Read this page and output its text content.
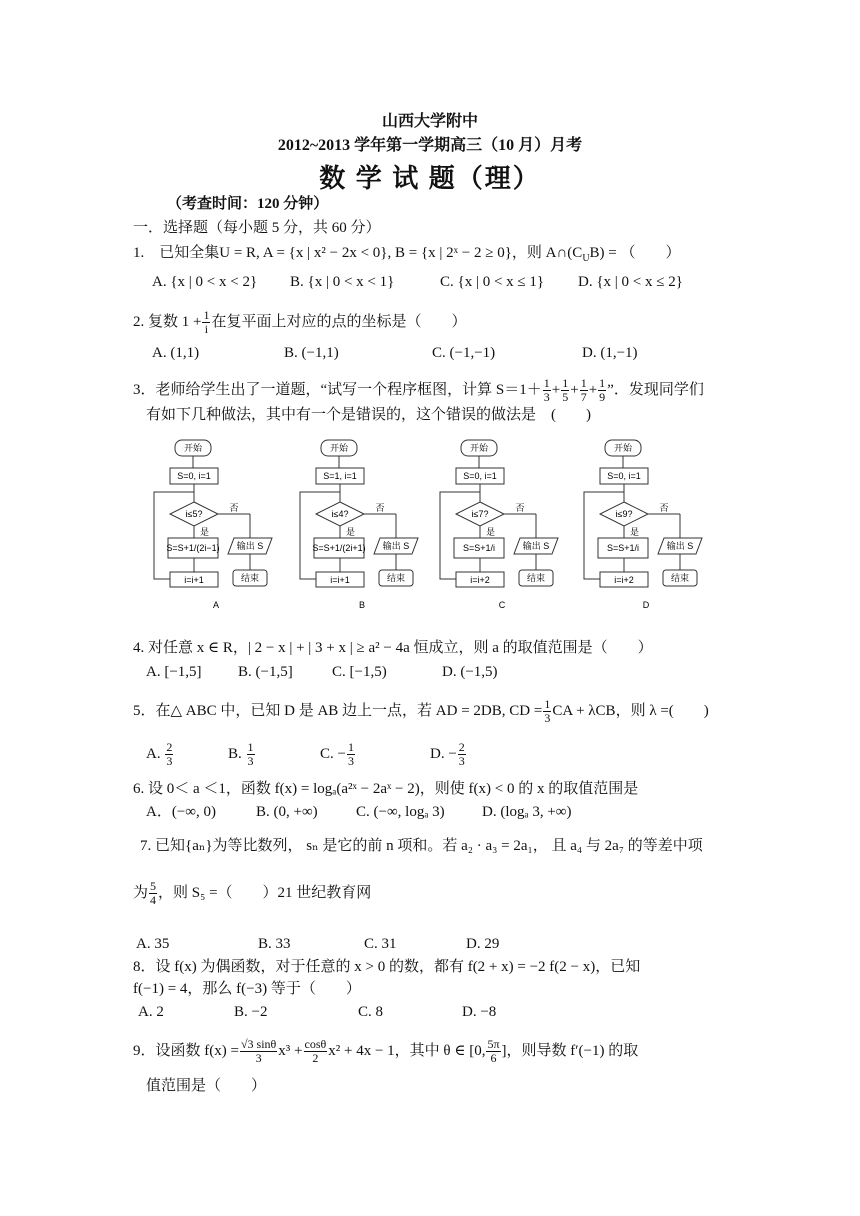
山西大学附中
2012~2013 学年第一学期高三（10 月）月考
数 学 试 题（理）
（考查时间：120 分钟）
一．选择题（每小题 5 分，共 60 分）
1.　已知全集U = R, A = {x | x² − 2x < 0}, B = {x | 2ˣ − 2 ≥ 0}，则 $A\cap(C_UB)$ = （　　）
A. {x | 0 < x < 2} B. {x | 0 < x < 1}	C. {x | 0 < x ≤ 1} D. {x | 0 < x ≤ 2}
2. 复数 $1 + \frac{1}{i}$ 在复平面上对应的点的坐标是（　　）
A. (1,1)	B. (−1,1)	C. (−1,−1)	D. (1,−1)
3．老师给学生出了一道题，“试写一个程序框图，计算 $S=1+ \frac{1}{3} + \frac{1}{5} + \frac{1}{7} + \frac{1}{9}$ ”．发现同学们
有如下几种做法，其中有一个是错误的，这个错误的做法是　(　　)
开始
S=0, i=1
i≤5?
否
是
S=S+1/(2i−1)
i=i+1
输出 S
结束
A
开始
S=1, i=1
i≤4?
否
是
S=S+1/(2i+1)
i=i+1
输出 S
结束
B
开始
S=0, i=1
i≤7?
否
是
S=S+1/i
i=i+2
输出 S
结束
C
开始
S=0, i=1
i≤9?
否
是
S=S+1/i
i=i+2
输出 S
结束
D
4. 对任意 x ∈ R，| 2 − x | + | 3 + x | ≥ a² − 4a 恒成立，则 a 的取值范围是（　　）
A. [−1,5] B. (−1,5]	C. [−1,5)	D. (−1,5)
5．在△ ABC 中，已知 D 是 AB 边上一点，若 AD = 2DB, CD = $\frac{1}{3}$ CA + λCB，则 λ =(　　)
A. $\frac{2}{3}$	B. $\frac{1}{3}$	C. − $\frac{1}{3}$	D. − $\frac{2}{3}$
6. 设 0＜ a ＜1，函数 f(x) = logₐ(a²ˣ − 2aˣ − 2)，则使 f(x) < 0 的 x 的取值范围是
A．(−∞, 0)	B. (0, +∞)	C. (−∞, logₐ 3) D. (logₐ 3, +∞)
7. 已知{aₙ}为等比数列， sₙ 是它的前 n 项和。若 a₂ · a₃ = 2a₁， 且 a₄ 与 2a₇ 的等差中项
为 $\frac{5}{4}$ ，则 S₅ =（　　）21 世纪教育网
A. 35	B. 33	C. 31	D. 29
8．设 f(x) 为偶函数，对于任意的 x > 0 的数，都有 f(2 + x) = −2 f(2 − x)，已知
f(−1) = 4，那么 f(−3) 等于（　　）
A. 2	B. −2	C. 8	D. −8
9．设函数 $f(x) = \frac{√3 \sin\theta}{3} x^3 + \frac{\cos\theta}{2} x^2 + 4x - 1$，其中 θ ∈ [0, $\frac{5\pi}{6}$ ]，则导数 f′(−1) 的取
值范围是（　　）
